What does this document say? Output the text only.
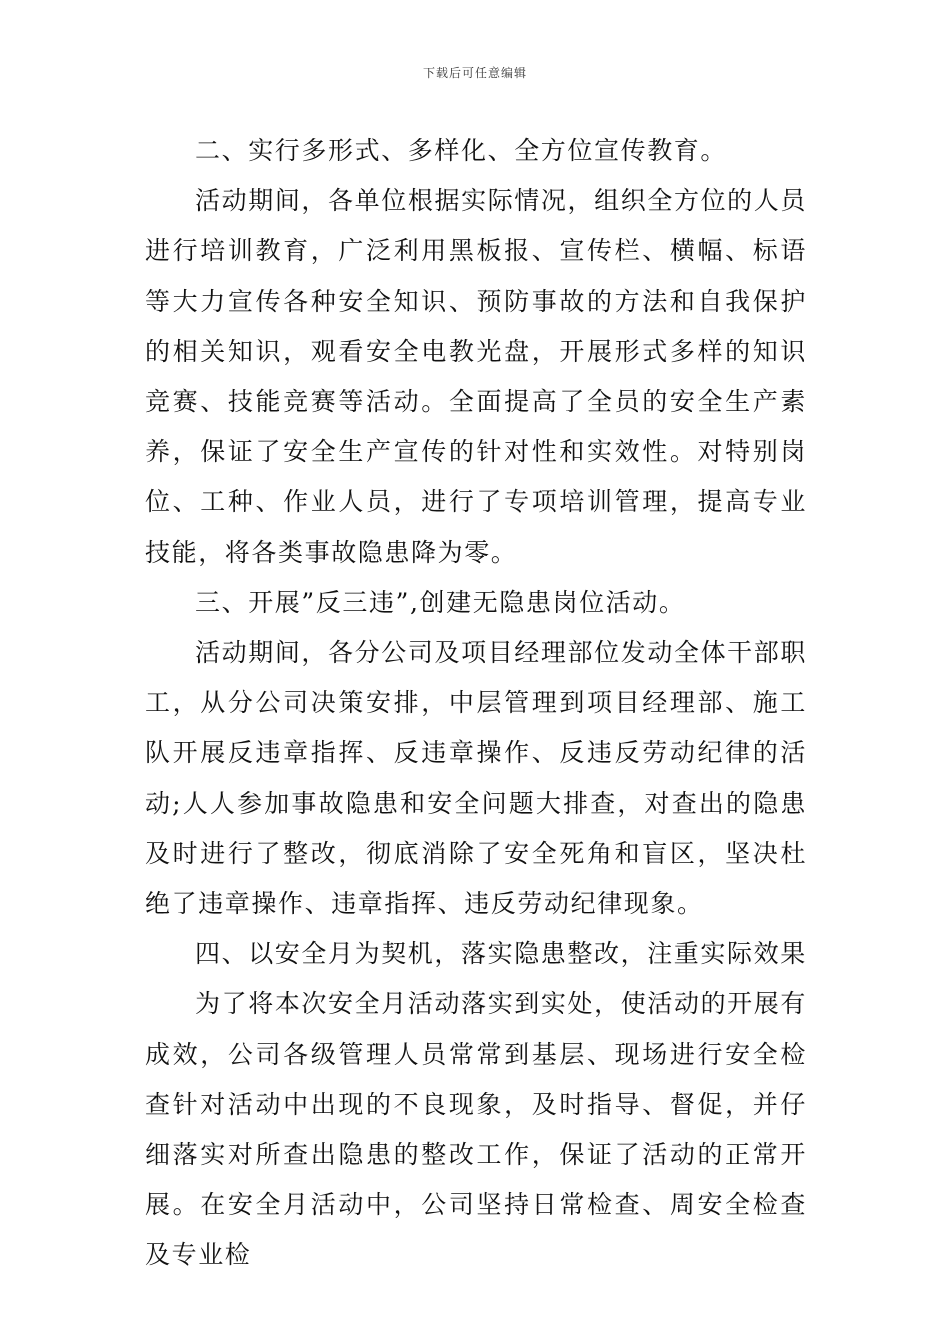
下载后可任意编辑

二、实行多形式、多样化、全方位宣传教育。

活动期间，各单位根据实际情况，组织全方位的人员进行培训教育，广泛利用黑板报、宣传栏、横幅、标语等大力宣传各种安全知识、预防事故的方法和自我保护的相关知识，观看安全电教光盘，开展形式多样的知识竞赛、技能竞赛等活动。全面提高了全员的安全生产素养，保证了安全生产宣传的针对性和实效性。对特别岗位、工种、作业人员，进行了专项培训管理，提高专业技能，将各类事故隐患降为零。

三、开展”反三违”,创建无隐患岗位活动。

活动期间，各分公司及项目经理部位发动全体干部职工，从分公司决策安排，中层管理到项目经理部、施工队开展反违章指挥、反违章操作、反违反劳动纪律的活动;人人参加事故隐患和安全问题大排查，对查出的隐患及时进行了整改，彻底消除了安全死角和盲区，坚决杜绝了违章操作、违章指挥、违反劳动纪律现象。

四、以安全月为契机，落实隐患整改，注重实际效果

为了将本次安全月活动落实到实处，使活动的开展有成效，公司各级管理人员常常到基层、现场进行安全检查针对活动中出现的不良现象，及时指导、督促，并仔细落实对所查出隐患的整改工作，保证了活动的正常开展。在安全月活动中，公司坚持日常检查、周安全检查及专业检
